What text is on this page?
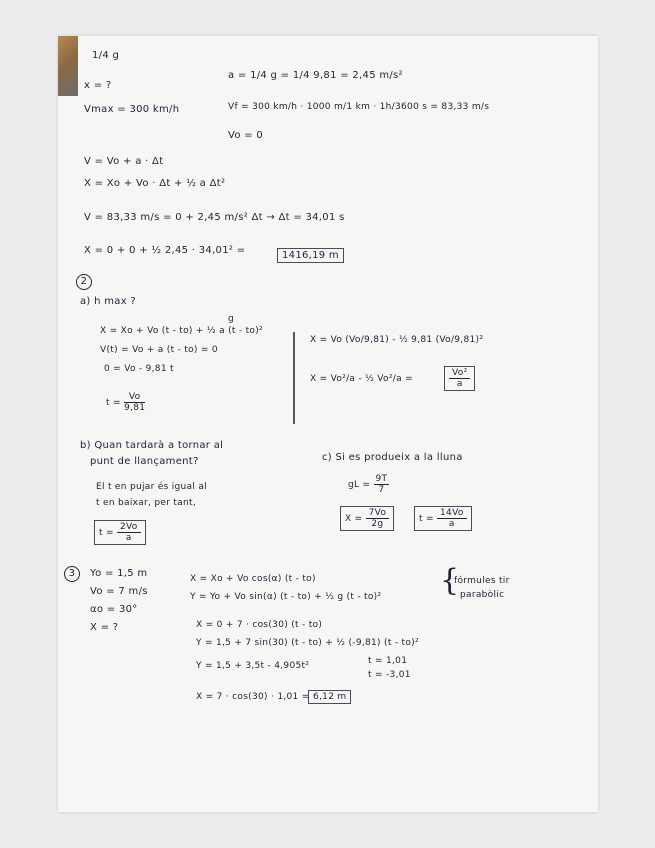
1/4 g
x = ?
Vmax = 300 km/h
a = 1/4 g = 1/4 9,81 = 2,45 m/s²
Vf = 300 km/h · 1000 m/1 km · 1h/3600 s = 83,33 m/s
Vo = 0
V = Vo + a · Δt
X = Xo + Vo · Δt + ½ a Δt²
V = 83,33 m/s = 0 + 2,45 m/s² Δt → Δt = 34,01 s
X = 0 + 0 + ½ 2,45 · 34,01² =	1416,19 m
2
a) h max ?
g
X = Xo + Vo (t - to) + ½ a (t - to)²
V(t) = Vo + a (t - to) = 0
0 = Vo - 9,81 t
$t = \frac{Vo}{9,81}$
X = Vo (Vo/9,81) - ½ 9,81 (Vo/9,81)²
X = Vo²/a - ½ Vo²/a =	$\frac{\text{Vo²}}{a}$
b) Quan tardarà a tornar al
punt de llançament?
El t en pujar és igual al
t en baixar, per tant,
$t = \frac{2Vo}{a}$
c) Si es produeix a la lluna
gL = $\frac{9T}{7}$
$X = \frac{7Vo}{2g}$	$t = \frac{14Vo}{a}$
3	Yo = 1,5 m
Vo = 7 m/s
αo = 30°
X = ?
X = Xo + Vo cos(α) (t - to)
Y = Yo + Vo sin(α) (t - to) + ½ g (t - to)² {
fórmules tir
parabòlic
X = 0 + 7 · cos(30) (t - to)
Y = 1,5 + 7 sin(30) (t - to) + ½ (-9,81) (t - to)²
Y = 1,5 + 3,5t - 4,905t²	t = 1,01
t = -3,01
X = 7 · cos(30) · 1,01 = 6,12 m
